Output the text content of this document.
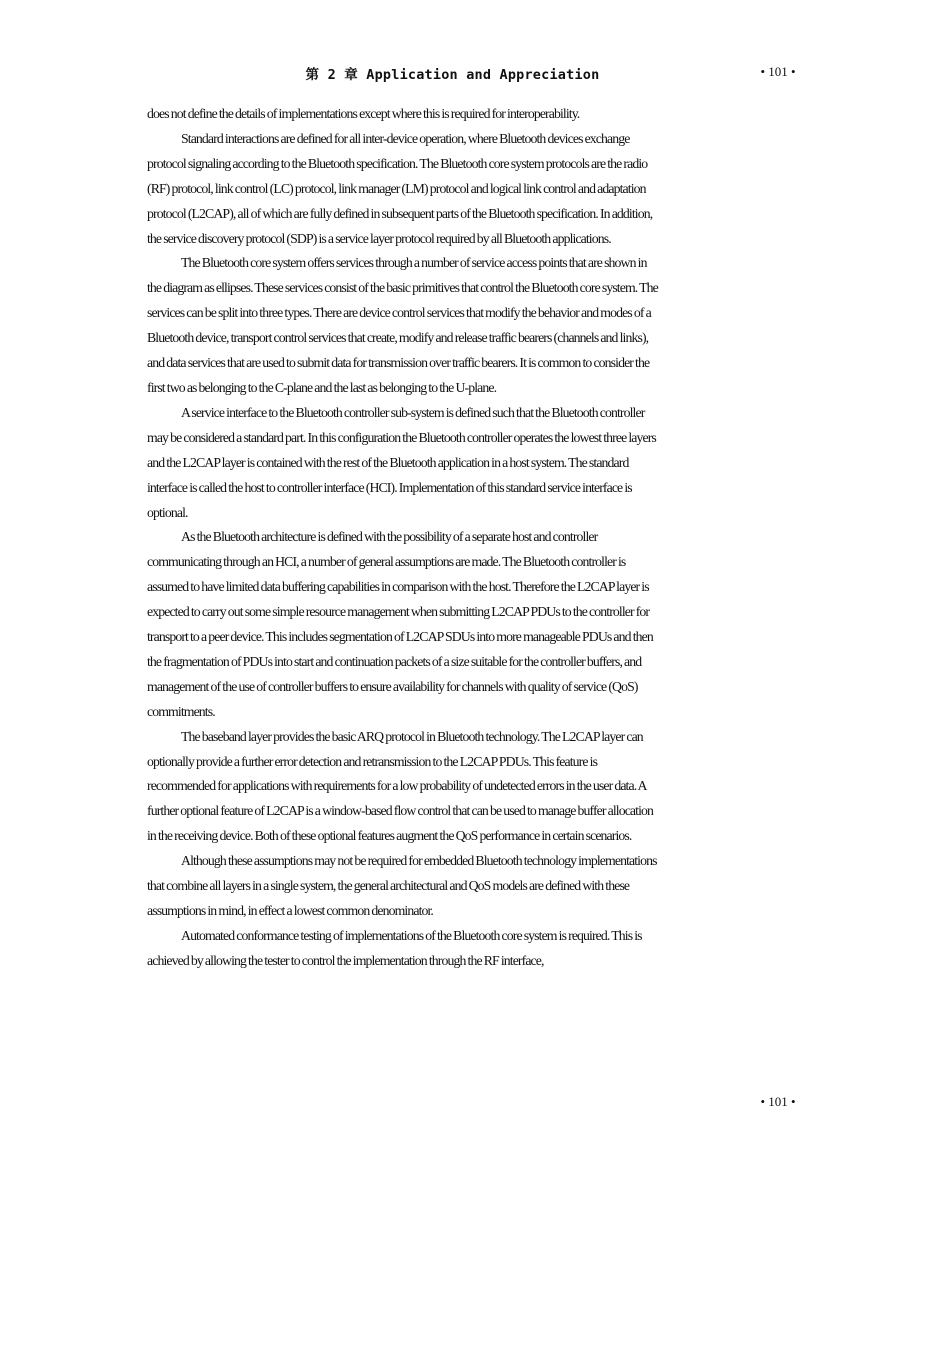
第 2 章 Application and Appreciation	• 101 •

does not define the details of implementations except where this is required for interoperability.

Standard interactions are defined for all inter-device operation, where Bluetooth devices exchange protocol signaling according to the Bluetooth specification. The Bluetooth core system protocols are the radio (RF) protocol, link control (LC) protocol, link manager (LM) protocol and logical link control and adaptation protocol (L2CAP), all of which are fully defined in subsequent parts of the Bluetooth specification. In addition, the service discovery protocol (SDP) is a service layer protocol required by all Bluetooth applications.

The Bluetooth core system offers services through a number of service access points that are shown in the diagram as ellipses. These services consist of the basic primitives that control the Bluetooth core system. The services can be split into three types. There are device control services that modify the behavior and modes of a Bluetooth device, transport control services that create, modify and release traffic bearers (channels and links), and data services that are used to submit data for transmission over traffic bearers. It is common to consider the first two as belonging to the C-plane and the last as belonging to the U-plane.

A service interface to the Bluetooth controller sub-system is defined such that the Bluetooth controller may be considered a standard part. In this configuration the Bluetooth controller operates the lowest three layers and the L2CAP layer is contained with the rest of the Bluetooth application in a host system. The standard interface is called the host to controller interface (HCI). Implementation of this standard service interface is optional.

As the Bluetooth architecture is defined with the possibility of a separate host and controller communicating through an HCI, a number of general assumptions are made. The Bluetooth controller is assumed to have limited data buffering capabilities in comparison with the host. Therefore the L2CAP layer is expected to carry out some simple resource management when submitting L2CAP PDUs to the controller for transport to a peer device. This includes segmentation of L2CAP SDUs into more manageable PDUs and then the fragmentation of PDUs into start and continuation packets of a size suitable for the controller buffers, and management of the use of controller buffers to ensure availability for channels with quality of service (QoS) commitments.

The baseband layer provides the basic ARQ protocol in Bluetooth technology. The L2CAP layer can optionally provide a further error detection and retransmission to the L2CAP PDUs. This feature is recommended for applications with requirements for a low probability of undetected errors in the user data. A further optional feature of L2CAP is a window-based flow control that can be used to manage buffer allocation in the receiving device. Both of these optional features augment the QoS performance in certain scenarios.

Although these assumptions may not be required for embedded Bluetooth technology implementations that combine all layers in a single system, the general architectural and QoS models are defined with these assumptions in mind, in effect a lowest common denominator.

Automated conformance testing of implementations of the Bluetooth core system is required. This is achieved by allowing the tester to control the implementation through the RF interface,

• 101 •
